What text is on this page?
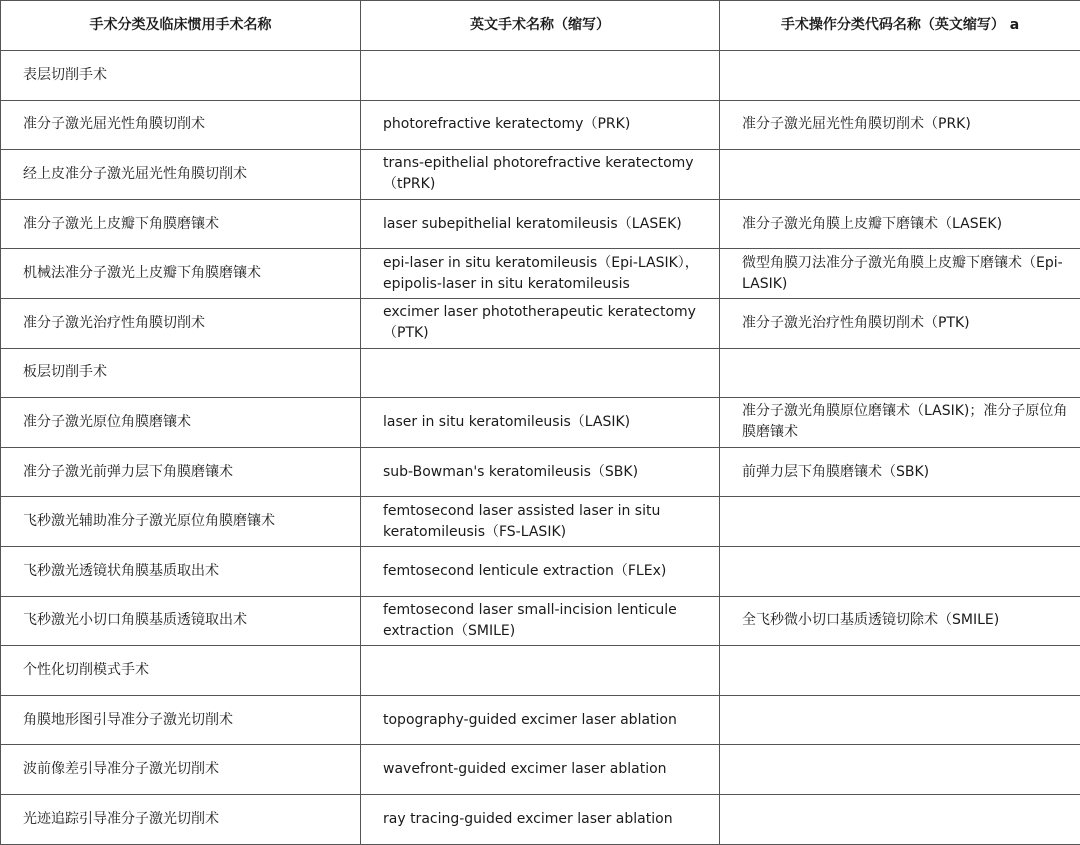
手术分类及临床惯用手术名称	英文手术名称（缩写）	手术操作分类代码名称（英文缩写） a
表层切削手术		
准分子激光屈光性角膜切削术	photorefractive keratectomy（PRK)	准分子激光屈光性角膜切削术（PRK)
经上皮准分子激光屈光性角膜切削术	trans-epithelial photorefractive keratectomy（tPRK)	
准分子激光上皮瓣下角膜磨镶术	laser subepithelial keratomileusis（LASEK)	准分子激光角膜上皮瓣下磨镶术（LASEK)
机械法准分子激光上皮瓣下角膜磨镶术	epi-laser in situ keratomileusis（Epi-LASIK），epipolis-laser in situ keratomileusis	微型角膜刀法准分子激光角膜上皮瓣下磨镶术（Epi-LASIK)
准分子激光治疗性角膜切削术	excimer laser phototherapeutic keratectomy（PTK)	准分子激光治疗性角膜切削术（PTK)
板层切削手术		
准分子激光原位角膜磨镶术	laser in situ keratomileusis（LASIK)	准分子激光角膜原位磨镶术（LASIK)；准分子原位角膜磨镶术
准分子激光前弹力层下角膜磨镶术	sub-Bowman's keratomileusis（SBK)	前弹力层下角膜磨镶术（SBK)
飞秒激光辅助准分子激光原位角膜磨镶术	femtosecond laser assisted laser in situ keratomileusis（FS-LASIK)	
飞秒激光透镜状角膜基质取出术	femtosecond lenticule extraction（FLEx)	
飞秒激光小切口角膜基质透镜取出术	femtosecond laser small-incision lenticule extraction（SMILE)	全飞秒微小切口基质透镜切除术（SMILE)
个性化切削模式手术		
角膜地形图引导准分子激光切削术	topography-guided excimer laser ablation	
波前像差引导准分子激光切削术	wavefront-guided excimer laser ablation	
光迹追踪引导准分子激光切削术	ray tracing-guided excimer laser ablation	
